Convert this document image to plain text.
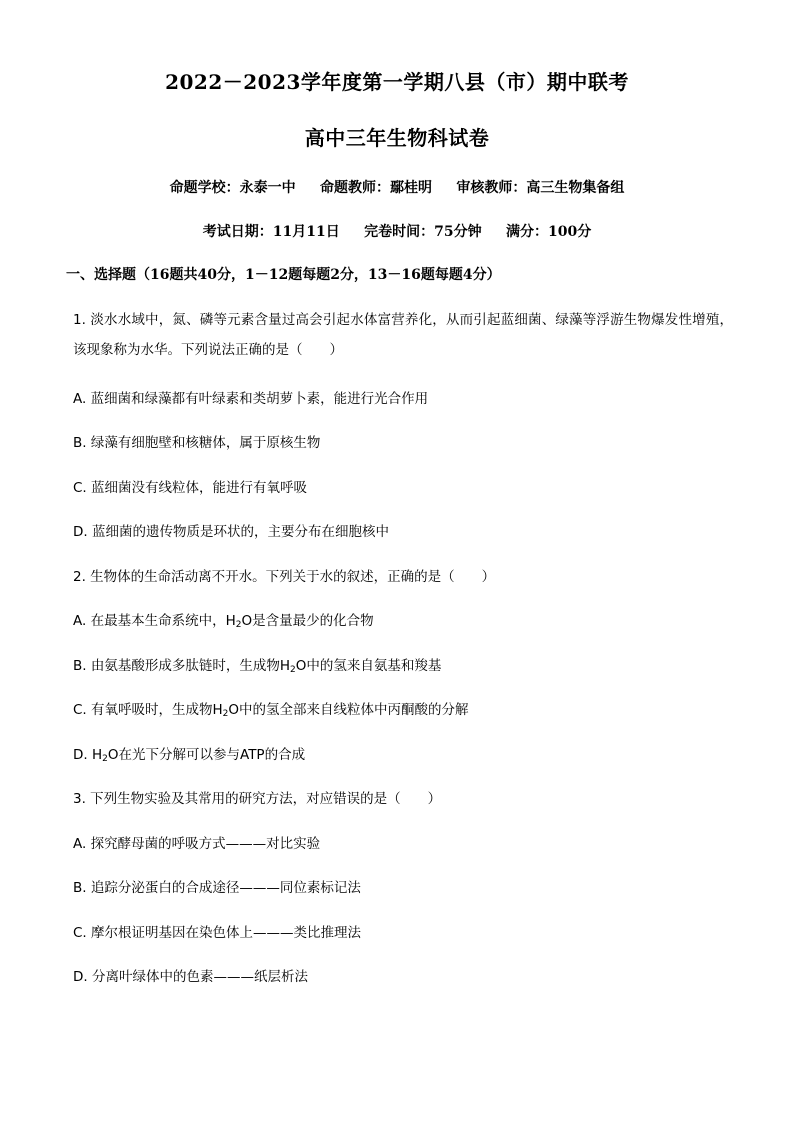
2022－2023学年度第一学期八县（市）期中联考
高中三年生物科试卷
命题学校：永泰一中     命题教师：鄢桂明     审核教师：高三生物集备组
考试日期：11月11日     完卷时间：75分钟     满分：100分
一、选择题（16题共40分，1－12题每题2分，13－16题每题4分）
1. 淡水水域中，氮、磷等元素含量过高会引起水体富营养化，从而引起蓝细菌、绿藻等浮游生物爆发性增殖，该现象称为水华。下列说法正确的是（　　）
A. 蓝细菌和绿藻都有叶绿素和类胡萝卜素，能进行光合作用
B. 绿藻有细胞壁和核糖体，属于原核生物
C. 蓝细菌没有线粒体，能进行有氧呼吸
D. 蓝细菌的遗传物质是环状的，主要分布在细胞核中
2. 生物体的生命活动离不开水。下列关于水的叙述，正确的是（　　）
A. 在最基本生命系统中，$H_2O$是含量最少的化合物
B. 由氨基酸形成多肽链时，生成物$H_2O$中的氢来自氨基和羧基
C. 有氧呼吸时，生成物$H_2O$中的氢全部来自线粒体中丙酮酸的分解
D. $H_2O$在光下分解可以参与ATP的合成
3. 下列生物实验及其常用的研究方法，对应错误的是（　　）
A. 探究酵母菌的呼吸方式———对比实验
B. 追踪分泌蛋白的合成途径———同位素标记法
C. 摩尔根证明基因在染色体上———类比推理法
D. 分离叶绿体中的色素———纸层析法
